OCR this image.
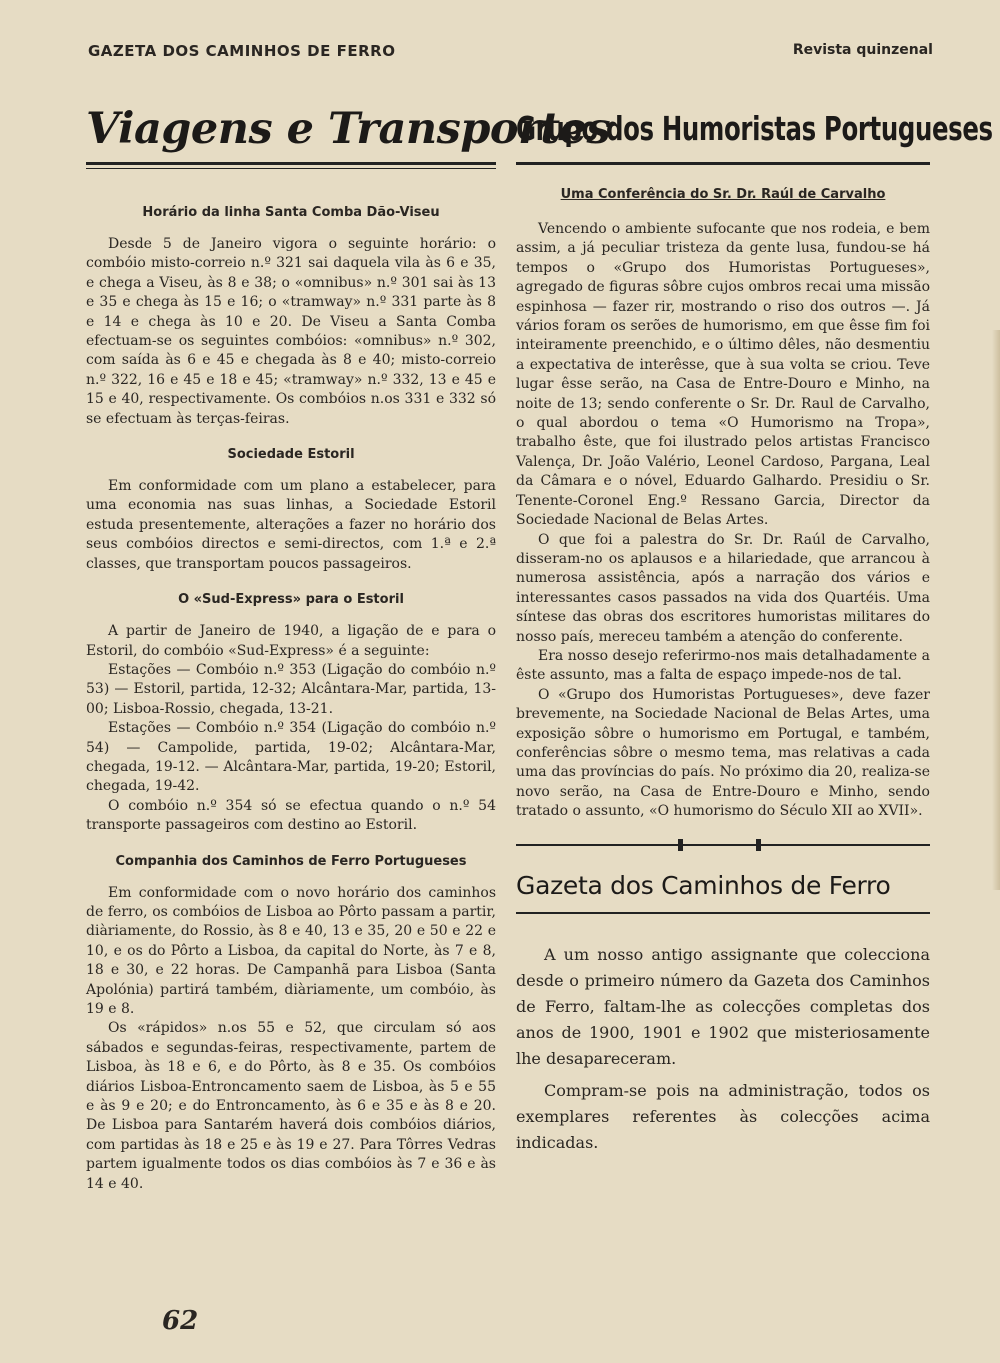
GAZETA DOS CAMINHOS DE FERRO	Revista quinzenal
Viagens e Transportes
Horário da linha Santa Comba Dão-Viseu

Desde 5 de Janeiro vigora o seguinte horário: o combóio misto-correio n.º 321 sai daquela vila às 6 e 35, e chega a Viseu, às 8 e 38; o «omnibus» n.º 301 sai às 13 e 35 e chega às 15 e 16; o «tramway» n.º 331 parte às 8 e 14 e chega às 10 e 20. De Viseu a Santa Comba efectuam-se os seguintes combóios: «omnibus» n.º 302, com saída às 6 e 45 e chegada às 8 e 40; misto-correio n.º 322, 16 e 45 e 18 e 45; «tramway» n.º 332, 13 e 45 e 15 e 40, respectivamente. Os combóios n.os 331 e 332 só se efectuam às terças-feiras.

Sociedade Estoril

Em conformidade com um plano a estabelecer, para uma economia nas suas linhas, a Sociedade Estoril estuda presentemente, alterações a fazer no horário dos seus combóios directos e semi-directos, com 1.ª e 2.ª classes, que transportam poucos passageiros.

O «Sud-Express» para o Estoril

A partir de Janeiro de 1940, a ligação de e para o Estoril, do combóio «Sud-Express» é a seguinte:

Estações — Combóio n.º 353 (Ligação do combóio n.º 53) — Estoril, partida, 12-32; Alcântara-Mar, partida, 13-00; Lisboa-Rossio, chegada, 13-21.

Estações — Combóio n.º 354 (Ligação do combóio n.º 54) — Campolide, partida, 19-02; Alcântara-Mar, chegada, 19-12. — Alcântara-Mar, partida, 19-20; Estoril, chegada, 19-42.

O combóio n.º 354 só se efectua quando o n.º 54 transporte passageiros com destino ao Estoril.

Companhia dos Caminhos de Ferro Portugueses

Em conformidade com o novo horário dos caminhos de ferro, os combóios de Lisboa ao Pôrto passam a partir, diàriamente, do Rossio, às 8 e 40, 13 e 35, 20 e 50 e 22 e 10, e os do Pôrto a Lisboa, da capital do Norte, às 7 e 8, 18 e 30, e 22 horas. De Campanhã para Lisboa (Santa Apolónia) partirá também, diàriamente, um combóio, às 19 e 8.

Os «rápidos» n.os 55 e 52, que circulam só aos sábados e segundas-feiras, respectivamente, partem de Lisboa, às 18 e 6, e do Pôrto, às 8 e 35. Os combóios diários Lisboa-Entroncamento saem de Lisboa, às 5 e 55 e às 9 e 20; e do Entroncamento, às 6 e 35 e às 8 e 20. De Lisboa para Santarém haverá dois combóios diários, com partidas às 18 e 25 e às 19 e 27. Para Tôrres Vedras partem igualmente todos os dias combóios às 7 e 36 e às 14 e 40.

Grupo dos Humoristas Portugueses
Uma Conferência do Sr. Dr. Raúl de Carvalho

Vencendo o ambiente sufocante que nos rodeia, e bem assim, a já peculiar tristeza da gente lusa, fundou-se há tempos o «Grupo dos Humoristas Portugueses», agregado de figuras sôbre cujos ombros recai uma missão espinhosa — fazer rir, mostrando o riso dos outros —. Já vários foram os serões de humorismo, em que êsse fim foi inteiramente preenchido, e o último dêles, não desmentiu a expectativa de interêsse, que à sua volta se criou. Teve lugar êsse serão, na Casa de Entre-Douro e Minho, na noite de 13; sendo conferente o Sr. Dr. Raul de Carvalho, o qual abordou o tema «O Humorismo na Tropa», trabalho êste, que foi ilustrado pelos artistas Francisco Valença, Dr. João Valério, Leonel Cardoso, Pargana, Leal da Câmara e o nóvel, Eduardo Galhardo. Presidiu o Sr. Tenente-Coronel Eng.º Ressano Garcia, Director da Sociedade Nacional de Belas Artes.

O que foi a palestra do Sr. Dr. Raúl de Carvalho, disseram-no os aplausos e a hilariedade, que arrancou à numerosa assistência, após a narração dos vários e interessantes casos passados na vida dos Quartéis. Uma síntese das obras dos escritores humoristas militares do nosso país, mereceu também a atenção do conferente.

Era nosso desejo referirmo-nos mais detalhadamente a êste assunto, mas a falta de espaço impede-nos de tal.

O «Grupo dos Humoristas Portugueses», deve fazer brevemente, na Sociedade Nacional de Belas Artes, uma exposição sôbre o humorismo em Portugal, e também, conferências sôbre o mesmo tema, mas relativas a cada uma das províncias do país. No próximo dia 20, realiza-se novo serão, na Casa de Entre-Douro e Minho, sendo tratado o assunto, «O humorismo do Século XII ao XVII».

Gazeta dos Caminhos de Ferro

A um nosso antigo assignante que colecciona desde o primeiro número da Gazeta dos Caminhos de Ferro, faltam-lhe as colecções completas dos anos de 1900, 1901 e 1902 que misteriosamente lhe desapareceram.

Compram-se pois na administração, todos os exemplares referentes às colecções acima indicadas.

62
